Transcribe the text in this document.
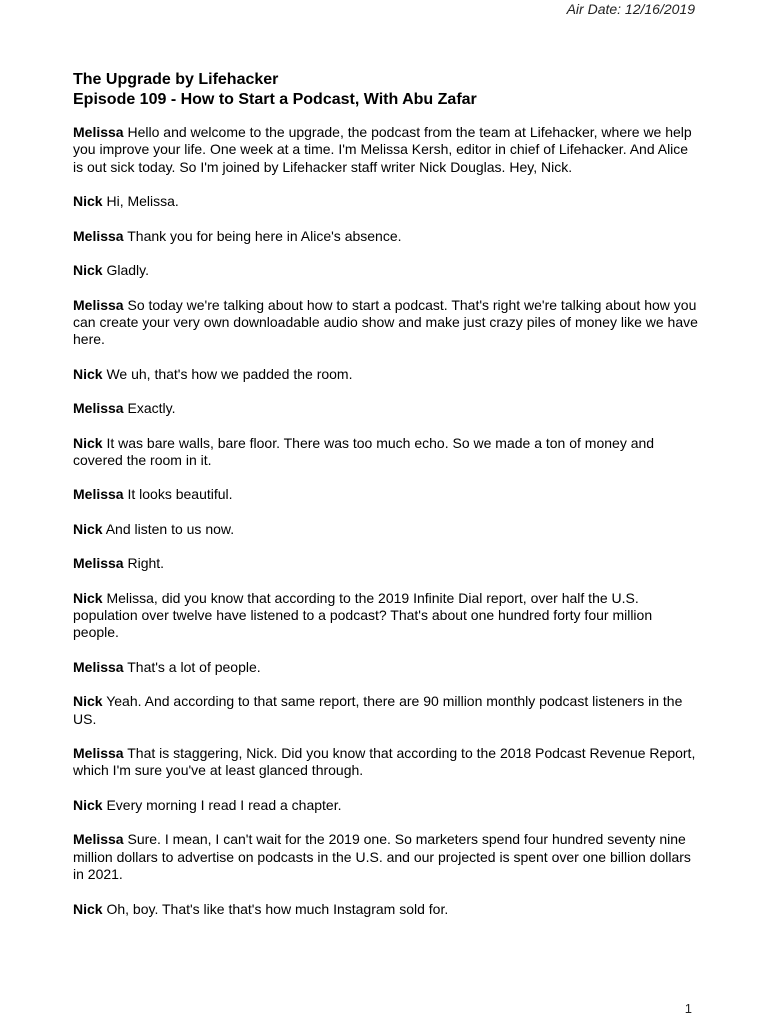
Air Date: 12/16/2019
The Upgrade by Lifehacker
Episode 109 - How to Start a Podcast, With Abu Zafar

Melissa Hello and welcome to the upgrade, the podcast from the team at Lifehacker, where we help you improve your life. One week at a time. I'm Melissa Kersh, editor in chief of Lifehacker. And Alice is out sick today. So I'm joined by Lifehacker staff writer Nick Douglas. Hey, Nick.

Nick Hi, Melissa.

Melissa Thank you for being here in Alice's absence.

Nick Gladly.

Melissa So today we're talking about how to start a podcast. That's right we're talking about how you can create your very own downloadable audio show and make just crazy piles of money like we have here.

Nick We uh, that's how we padded the room.

Melissa Exactly.

Nick It was bare walls, bare floor. There was too much echo. So we made a ton of money and covered the room in it.

Melissa It looks beautiful.

Nick And listen to us now.

Melissa Right.

Nick Melissa, did you know that according to the 2019 Infinite Dial report, over half the U.S. population over twelve have listened to a podcast? That's about one hundred forty four million people.

Melissa That's a lot of people.

Nick Yeah. And according to that same report, there are 90 million monthly podcast listeners in the US.

Melissa That is staggering, Nick. Did you know that according to the 2018 Podcast Revenue Report, which I'm sure you've at least glanced through.

Nick Every morning I read I read a chapter.

Melissa Sure. I mean, I can't wait for the 2019 one. So marketers spend four hundred seventy nine million dollars to advertise on podcasts in the U.S. and our projected is spent over one billion dollars in 2021.

Nick Oh, boy. That's like that's how much Instagram sold for.

1
